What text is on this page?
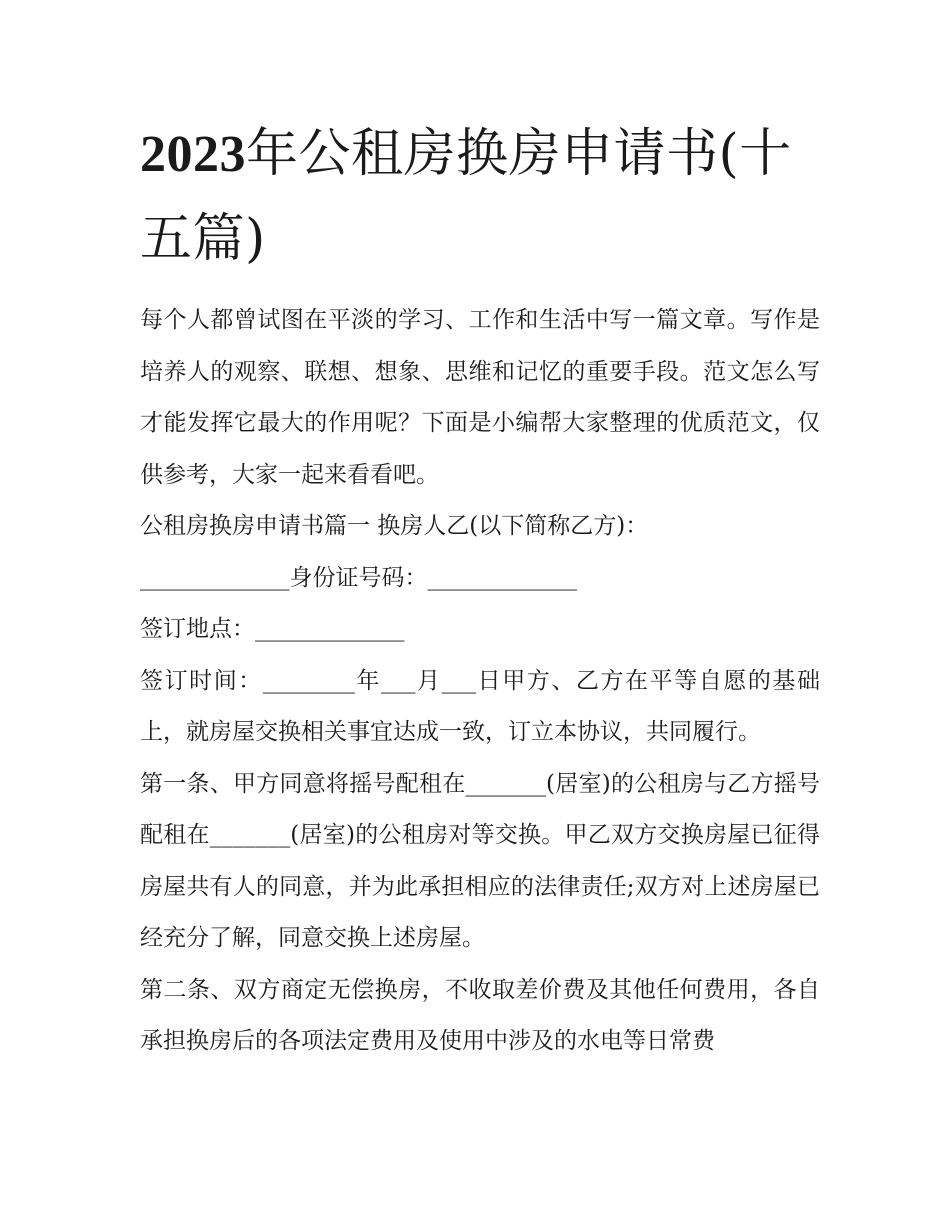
2023年公租房换房申请书(十五篇)

每个人都曾试图在平淡的学习、工作和生活中写一篇文章。写作是培养人的观察、联想、想象、思维和记忆的重要手段。范文怎么写才能发挥它最大的作用呢？下面是小编帮大家整理的优质范文，仅供参考，大家一起来看看吧。

公租房换房申请书篇一 换房人乙(以下简称乙方)：

_____________身份证号码：_____________

签订地点：_____________

签订时间：________年___月___日甲方、乙方在平等自愿的基础上，就房屋交换相关事宜达成一致，订立本协议，共同履行。

第一条、甲方同意将摇号配租在_______(居室)的公租房与乙方摇号配租在_______(居室)的公租房对等交换。甲乙双方交换房屋已征得房屋共有人的同意，并为此承担相应的法律责任;双方对上述房屋已经充分了解，同意交换上述房屋。

第二条、双方商定无偿换房，不收取差价费及其他任何费用，各自承担换房后的各项法定费用及使用中涉及的水电等日常费
